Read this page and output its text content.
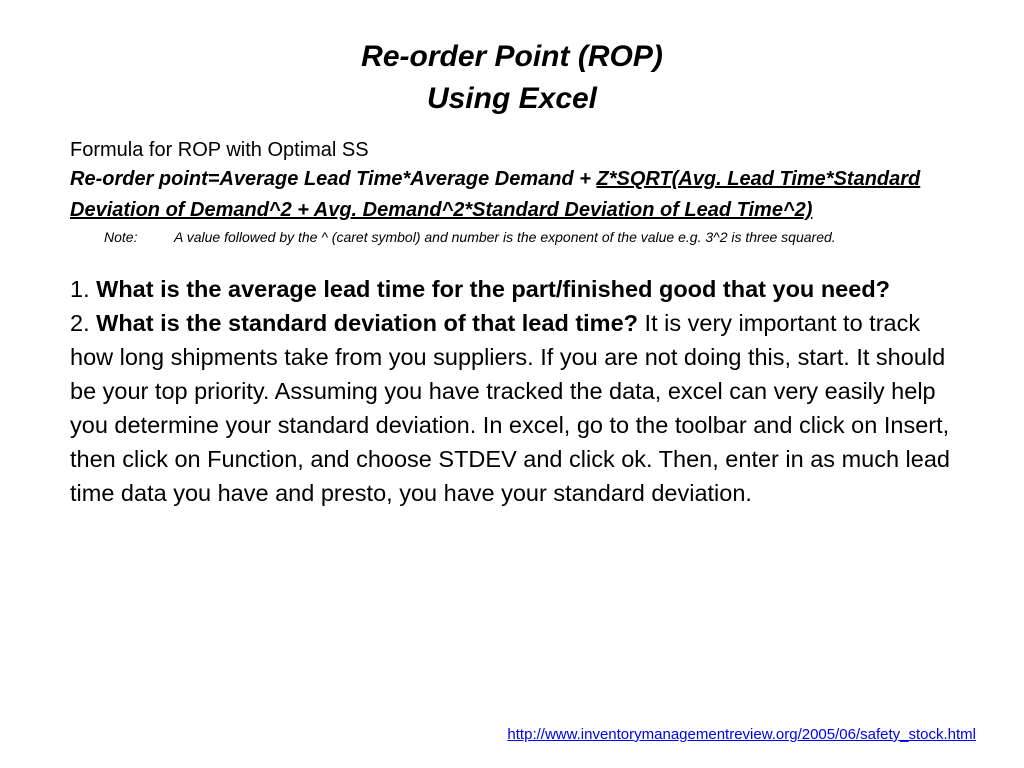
Re-order Point (ROP)
Using Excel
Formula for ROP with Optimal SS
Re-order point=Average Lead Time*Average Demand + Z*SQRT(Avg. Lead Time*Standard Deviation of Demand^2 + Avg. Demand^2*Standard Deviation of Lead Time^2)
Note:	A value followed by the ^ (caret symbol) and number is the exponent of the value e.g. 3^2 is three squared.
1. What is the average lead time for the part/finished good that you need?
2. What is the standard deviation of that lead time? It is very important to track how long shipments take from you suppliers. If you are not doing this, start. It should be your top priority. Assuming you have tracked the data, excel can very easily help you determine your standard deviation. In excel, go to the toolbar and click on Insert, then click on Function, and choose STDEV and click ok. Then, enter in as much lead time data you have and presto, you have your standard deviation.
http://www.inventorymanagementreview.org/2005/06/safety_stock.html
